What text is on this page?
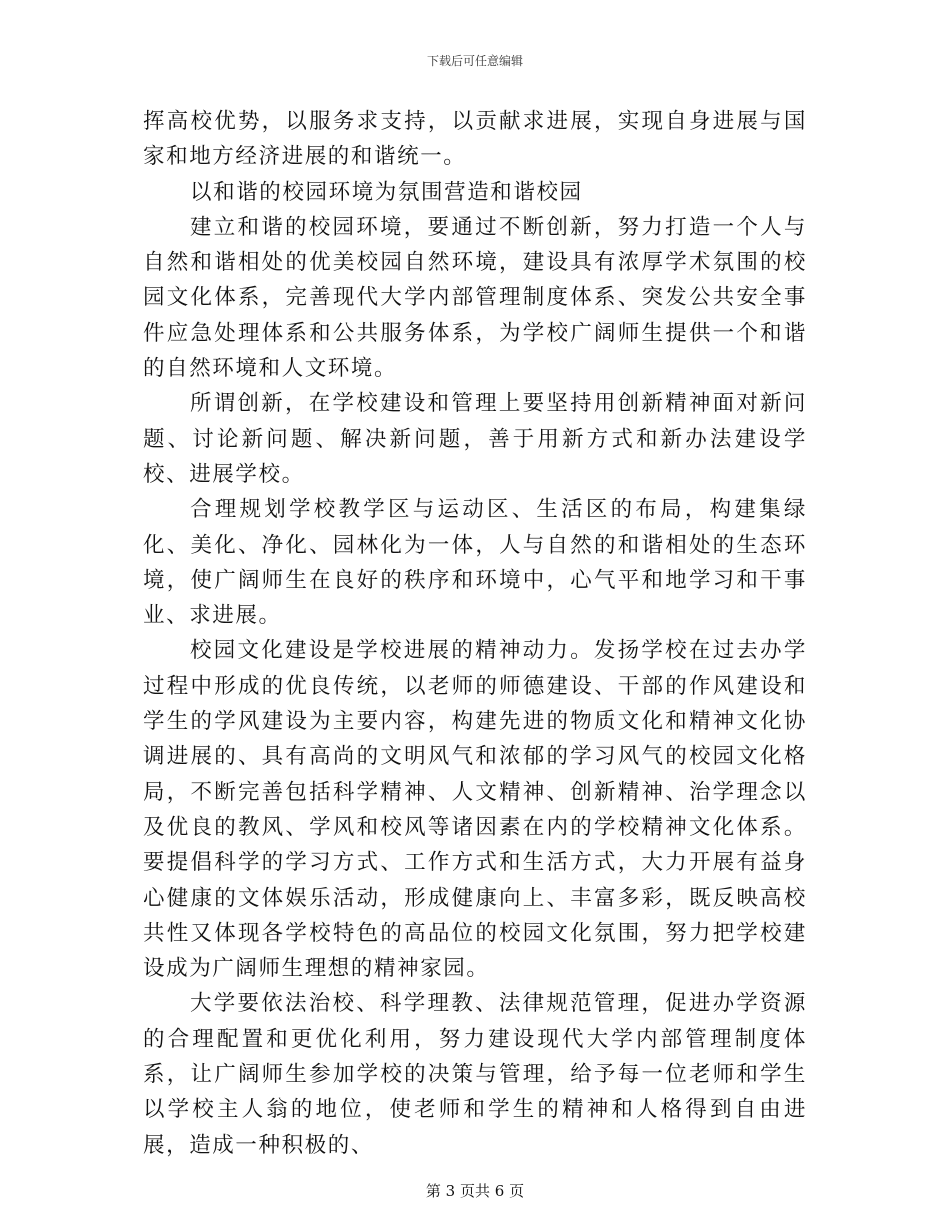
下载后可任意编辑

挥高校优势，以服务求支持，以贡献求进展，实现自身进展与国家和地方经济进展的和谐统一。

以和谐的校园环境为氛围营造和谐校园

建立和谐的校园环境，要通过不断创新，努力打造一个人与自然和谐相处的优美校园自然环境，建设具有浓厚学术氛围的校园文化体系，完善现代大学内部管理制度体系、突发公共安全事件应急处理体系和公共服务体系，为学校广阔师生提供一个和谐的自然环境和人文环境。

所谓创新，在学校建设和管理上要坚持用创新精神面对新问题、讨论新问题、解决新问题，善于用新方式和新办法建设学校、进展学校。

合理规划学校教学区与运动区、生活区的布局，构建集绿化、美化、净化、园林化为一体，人与自然的和谐相处的生态环境，使广阔师生在良好的秩序和环境中，心气平和地学习和干事业、求进展。

校园文化建设是学校进展的精神动力。发扬学校在过去办学过程中形成的优良传统，以老师的师德建设、干部的作风建设和学生的学风建设为主要内容，构建先进的物质文化和精神文化协调进展的、具有高尚的文明风气和浓郁的学习风气的校园文化格局，不断完善包括科学精神、人文精神、创新精神、治学理念以及优良的教风、学风和校风等诸因素在内的学校精神文化体系。要提倡科学的学习方式、工作方式和生活方式，大力开展有益身心健康的文体娱乐活动，形成健康向上、丰富多彩，既反映高校共性又体现各学校特色的高品位的校园文化氛围，努力把学校建设成为广阔师生理想的精神家园。

大学要依法治校、科学理教、法律规范管理，促进办学资源的合理配置和更优化利用，努力建设现代大学内部管理制度体系，让广阔师生参加学校的决策与管理，给予每一位老师和学生以学校主人翁的地位，使老师和学生的精神和人格得到自由进展，造成一种积极的、

第 3 页共 6 页
